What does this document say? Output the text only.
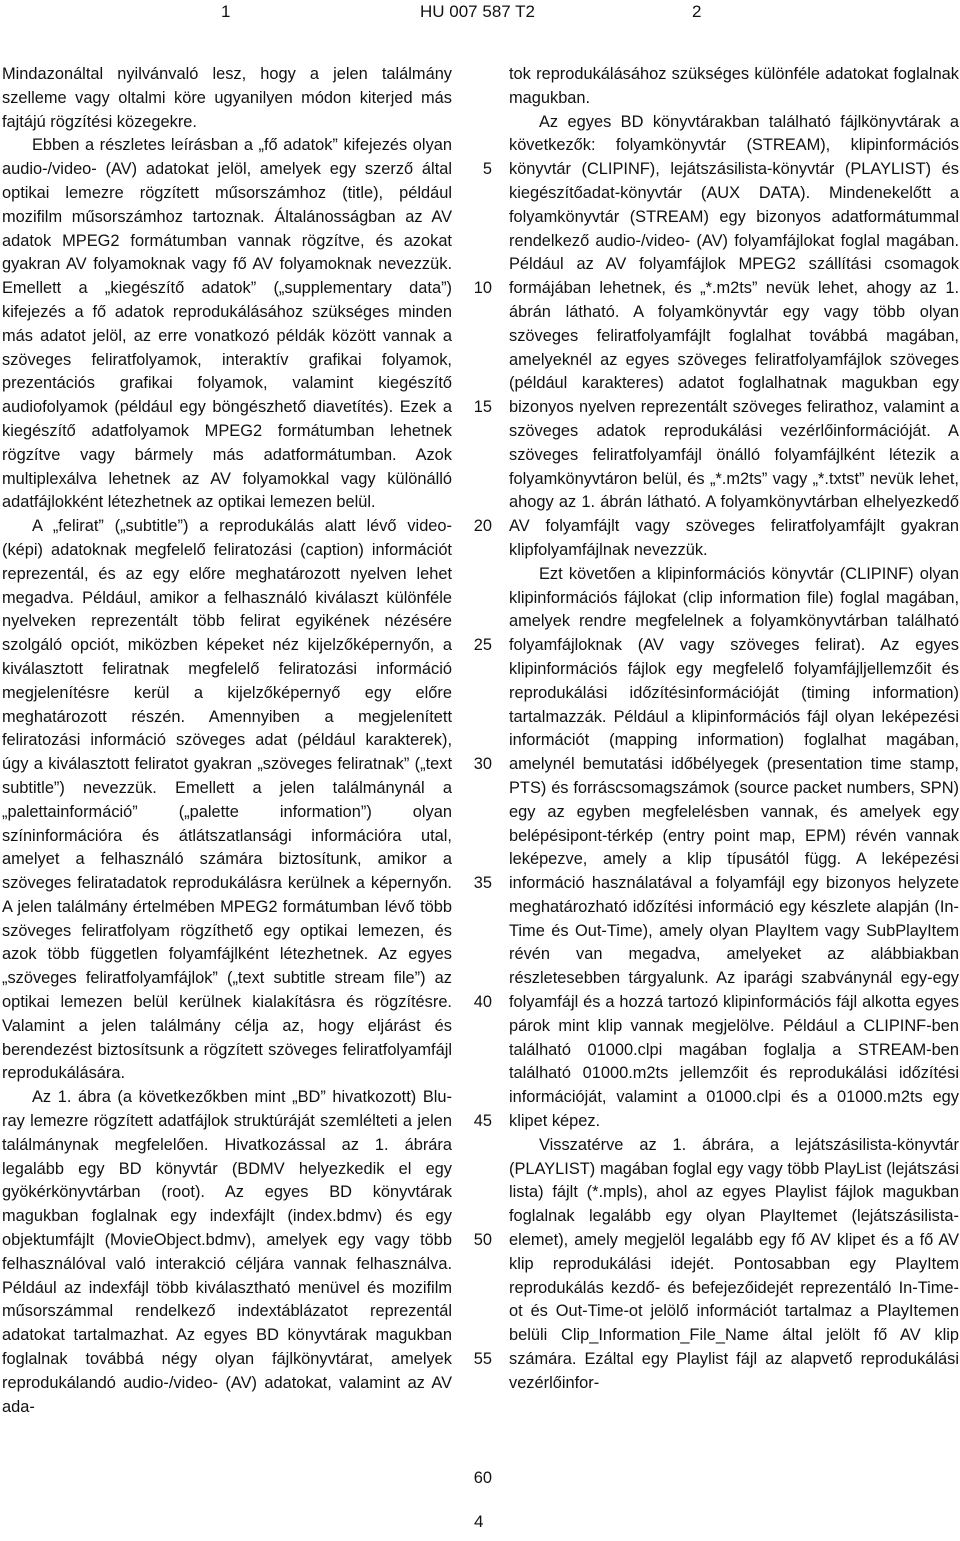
1	HU 007 587 T2	2

Mindazonáltal nyilvánvaló lesz, hogy a jelen találmány szelleme vagy oltalmi köre ugyanilyen módon kiterjed más fajtájú rögzítési közegekre.

Ebben a részletes leírásban a „fő adatok” kifejezés olyan audio-/video- (AV) adatokat jelöl, amelyek egy szerző által optikai lemezre rögzített műsorszámhoz (title), például mozifilm műsorszámhoz tartoznak. Általánosságban az AV adatok MPEG2 formátumban vannak rögzítve, és azokat gyakran AV folyamoknak vagy fő AV folyamoknak nevezzük. Emellett a „kiegészítő adatok” („supplementary data”) kifejezés a fő adatok reprodukálásához szükséges minden más adatot jelöl, az erre vonatkozó példák között vannak a szöveges feliratfolyamok, interaktív grafikai folyamok, prezentációs grafikai folyamok, valamint kiegészítő audiofolyamok (például egy böngészhető diavetítés). Ezek a kiegészítő adatfolyamok MPEG2 formátumban lehetnek rögzítve vagy bármely más adatformátumban. Azok multiplexálva lehetnek az AV folyamokkal vagy különálló adatfájlokként létezhetnek az optikai lemezen belül.

A „felirat” („subtitle”) a reprodukálás alatt lévő video- (képi) adatoknak megfelelő feliratozási (caption) információt reprezentál, és az egy előre meghatározott nyelven lehet megadva. Például, amikor a felhasználó kiválaszt különféle nyelveken reprezentált több felirat egyikének nézésére szolgáló opciót, miközben képeket néz kijelzőképernyőn, a kiválasztott feliratnak megfelelő feliratozási információ megjelenítésre kerül a kijelzőképernyő egy előre meghatározott részén. Amennyiben a megjelenített feliratozási információ szöveges adat (például karakterek), úgy a kiválasztott feliratot gyakran „szöveges feliratnak” („text subtitle”) nevezzük. Emellett a jelen találmánynál a „palettainformáció” („palette information”) olyan színinformációra és átlátszatlansági információra utal, amelyet a felhasználó számára biztosítunk, amikor a szöveges feliratadatok reprodukálásra kerülnek a képernyőn. A jelen találmány értelmében MPEG2 formátumban lévő több szöveges feliratfolyam rögzíthető egy optikai lemezen, és azok több független folyamfájlként létezhetnek. Az egyes „szöveges feliratfolyamfájlok” („text subtitle stream file”) az optikai lemezen belül kerülnek kialakításra és rögzítésre. Valamint a jelen találmány célja az, hogy eljárást és berendezést biztosítsunk a rögzített szöveges feliratfolyamfájl reprodukálására.

Az 1. ábra (a következőkben mint „BD” hivatkozott) Blu-ray lemezre rögzített adatfájlok struktúráját szemlélteti a jelen találmánynak megfelelően. Hivatkozással az 1. ábrára legalább egy BD könyvtár (BDMV helyezkedik el egy gyökérkönyvtárban (root). Az egyes BD könyvtárak magukban foglalnak egy indexfájlt (index.bdmv) és egy objektumfájlt (MovieObject.bdmv), amelyek egy vagy több felhasználóval való interakció céljára vannak felhasználva. Például az indexfájl több kiválasztható menüvel és mozifilm műsorszámmal rendelkező indextáblázatot reprezentál adatokat tartalmazhat. Az egyes BD könyvtárak magukban foglalnak továbbá négy olyan fájlkönyvtárat, amelyek reprodukálandó audio-/video- (AV) adatokat, valamint az AV ada-

5
10
15
20
25
30
35
40
45
50
55
60

tok reprodukálásához szükséges különféle adatokat foglalnak magukban.

Az egyes BD könyvtárakban található fájlkönyvtárak a következők: folyamkönyvtár (STREAM), klipinformációs könyvtár (CLIPINF), lejátszásilista-könyvtár (PLAYLIST) és kiegészítőadat-könyvtár (AUX DATA). Mindenekelőtt a folyamkönyvtár (STREAM) egy bizonyos adatformátummal rendelkező audio-/video- (AV) folyamfájlokat foglal magában. Például az AV folyamfájlok MPEG2 szállítási csomagok formájában lehetnek, és „*.m2ts” nevük lehet, ahogy az 1. ábrán látható. A folyamkönyvtár egy vagy több olyan szöveges feliratfolyamfájlt foglalhat továbbá magában, amelyeknél az egyes szöveges feliratfolyamfájlok szöveges (például karakteres) adatot foglalhatnak magukban egy bizonyos nyelven reprezentált szöveges felirathoz, valamint a szöveges adatok reprodukálási vezérlőinformációját. A szöveges feliratfolyamfájl önálló folyamfájlként létezik a folyamkönyvtáron belül, és „*.m2ts” vagy „*.txtst” nevük lehet, ahogy az 1. ábrán látható. A folyamkönyvtárban elhelyezkedő AV folyamfájlt vagy szöveges feliratfolyamfájlt gyakran klipfolyamfájlnak nevezzük.

Ezt követően a klipinformációs könyvtár (CLIPINF) olyan klipinformációs fájlokat (clip information file) foglal magában, amelyek rendre megfelelnek a folyamkönyvtárban található folyamfájloknak (AV vagy szöveges felirat). Az egyes klipinformációs fájlok egy megfelelő folyamfájljellemzőit és reprodukálási időzítésinformációját (timing information) tartalmazzák. Például a klipinformációs fájl olyan leképezési információt (mapping information) foglalhat magában, amelynél bemutatási időbélyegek (presentation time stamp, PTS) és forráscsomagszámok (source packet numbers, SPN) egy az egyben megfelelésben vannak, és amelyek egy belépésipont-térkép (entry point map, EPM) révén vannak leképezve, amely a klip típusától függ. A leképezési információ használatával a folyamfájl egy bizonyos helyzete meghatározható időzítési információ egy készlete alapján (In-Time és Out-Time), amely olyan PlayItem vagy SubPlayItem révén van megadva, amelyeket az alábbiakban részletesebben tárgyalunk. Az iparági szabványnál egy-egy folyamfájl és a hozzá tartozó klipinformációs fájl alkotta egyes párok mint klip vannak megjelölve. Például a CLIPINF-ben található 01000.clpi magában foglalja a STREAM-ben található 01000.m2ts jellemzőit és reprodukálási időzítési információját, valamint a 01000.clpi és a 01000.m2ts egy klipet képez.

Visszatérve az 1. ábrára, a lejátszásilista-könyvtár (PLAYLIST) magában foglal egy vagy több PlayList (lejátszási lista) fájlt (*.mpls), ahol az egyes Playlist fájlok magukban foglalnak legalább egy olyan PlayItemet (lejátszásilista-elemet), amely megjelöl legalább egy fő AV klipet és a fő AV klip reprodukálási idejét. Pontosabban egy PlayItem reprodukálás kezdő- és befejezőidejét reprezentáló In-Time-ot és Out-Time-ot jelölő információt tartalmaz a PlayItemen belüli Clip_Information_File_Name által jelölt fő AV klip számára. Ezáltal egy Playlist fájl az alapvető reprodukálási vezérlőinfor-

4
